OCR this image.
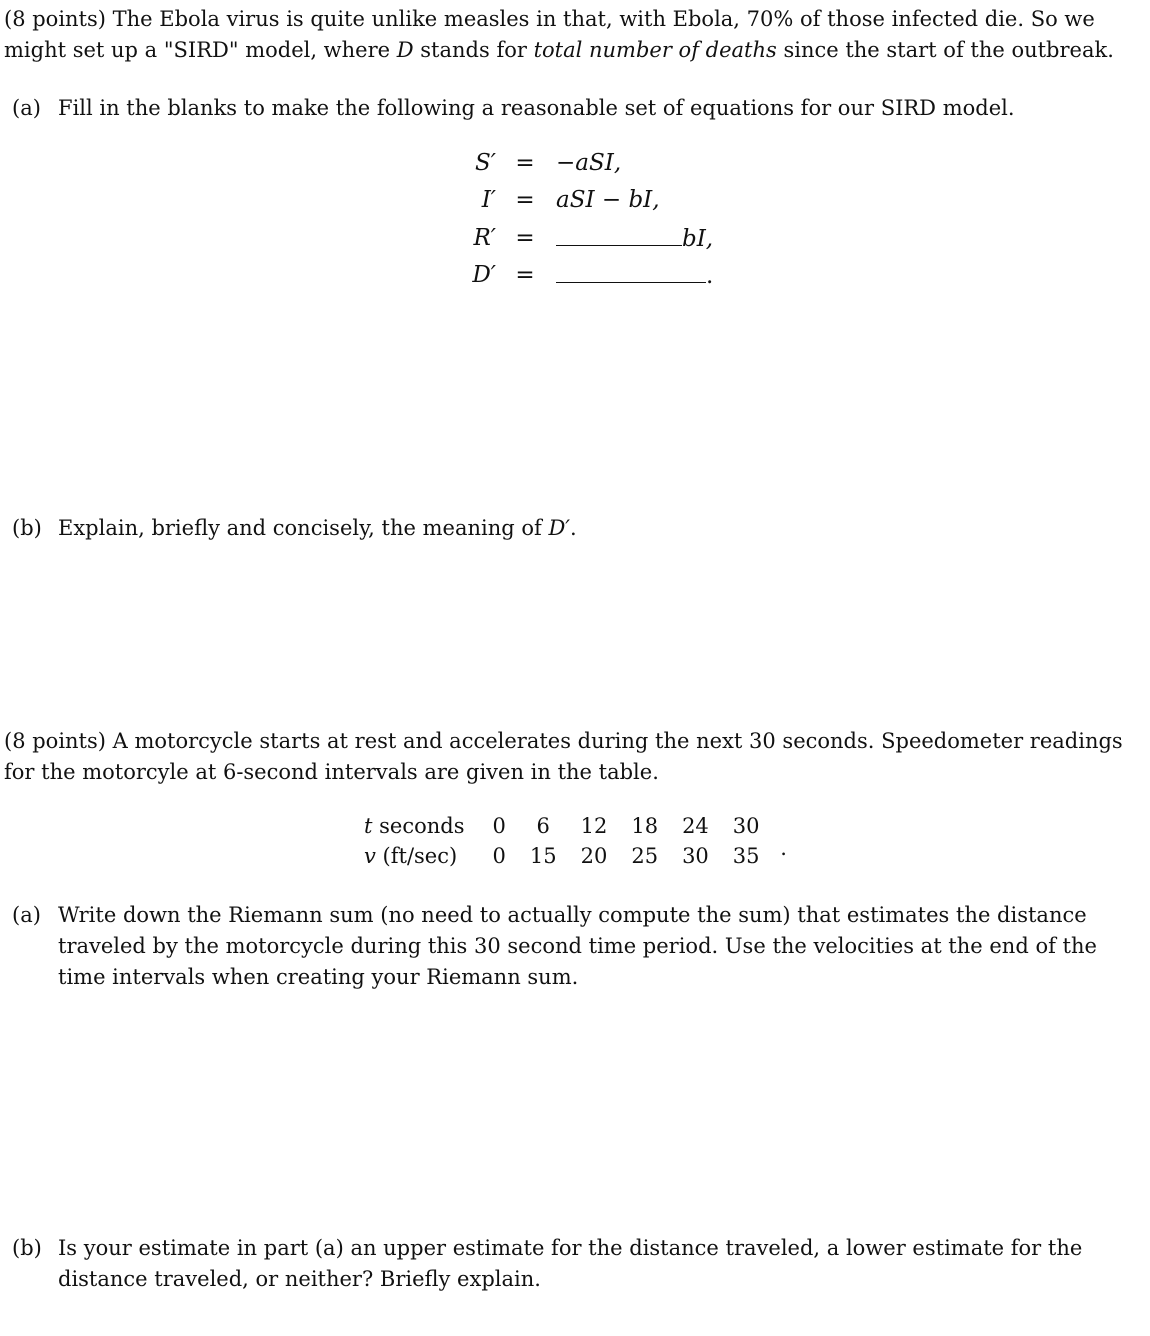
(8 points) The Ebola virus is quite unlike measles in that, with Ebola, 70% of those infected die. So we
might set up a "SIRD" model, where D stands for total number of deaths since the start of the outbreak.
(a) Fill in the blanks to make the following a reasonable set of equations for our SIRD model.
S′ = −aSI,
I′ = aSI − bI,
R′ =	bI,
D′ =	.
(b) Explain, briefly and concisely, the meaning of D′.
(8 points) A motorcycle starts at rest and accelerates during the next 30 seconds. Speedometer readings
for the motorcyle at 6-second intervals are given in the table.
t seconds	0	6	12	18	24	30	
v (ft/sec)	0	15	20	25	30	35	.
(a) Write down the Riemann sum (no need to actually compute the sum) that estimates the distance
traveled by the motorcycle during this 30 second time period. Use the velocities at the end of the
time intervals when creating your Riemann sum.
(b) Is your estimate in part (a) an upper estimate for the distance traveled, a lower estimate for the
distance traveled, or neither? Briefly explain.
